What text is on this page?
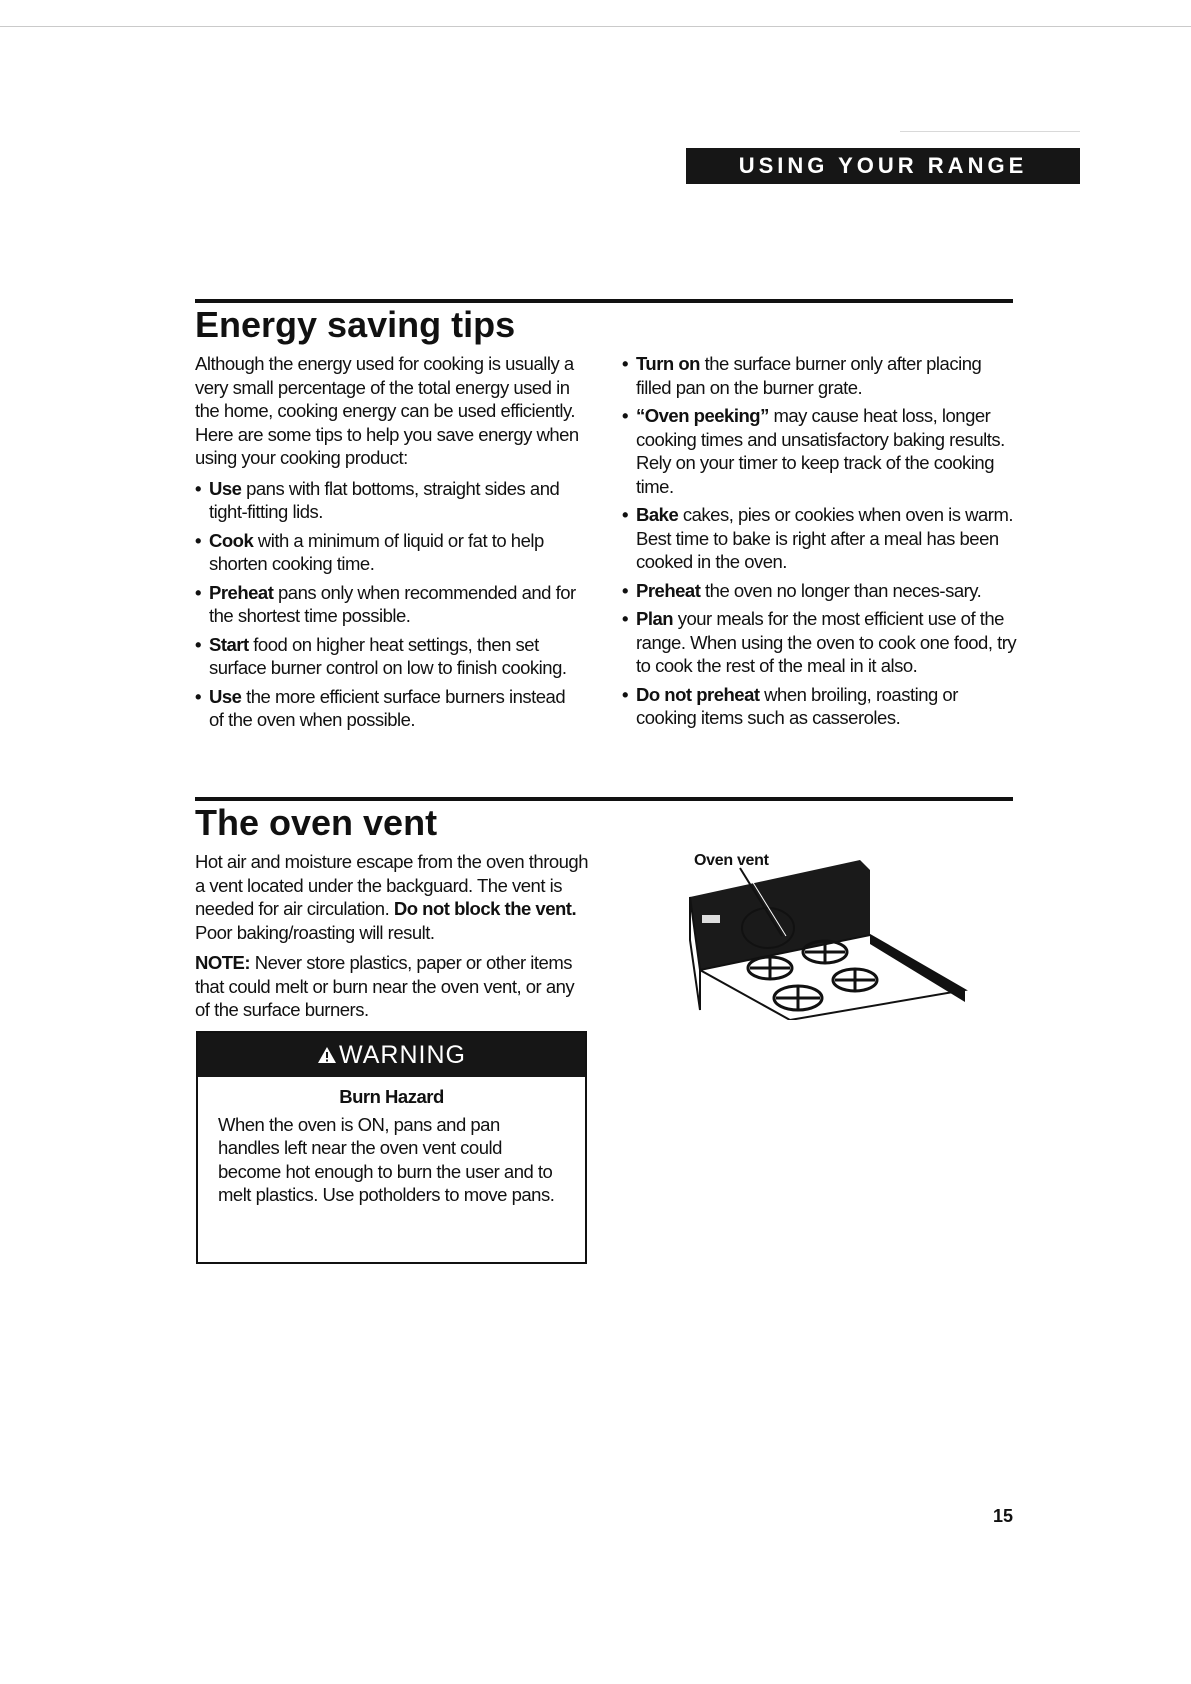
USING YOUR RANGE
Energy saving tips

Although the energy used for cooking is usually a very small percentage of the total energy used in the home, cooking energy can be used efficiently. Here are some tips to help you save energy when using your cooking product:

• Use pans with flat bottoms, straight sides and tight-fitting lids.
• Cook with a minimum of liquid or fat to help shorten cooking time.
• Preheat pans only when recommended and for the shortest time possible.
• Start food on higher heat settings, then set surface burner control on low to finish cooking.
• Use the more efficient surface burners instead of the oven when possible.
• Turn on the surface burner only after placing filled pan on the burner grate.
• “Oven peeking” may cause heat loss, longer cooking times and unsatisfactory baking results. Rely on your timer to keep track of the cooking time.
• Bake cakes, pies or cookies when oven is warm. Best time to bake is right after a meal has been cooked in the oven.
• Preheat the oven no longer than neces-sary.
• Plan your meals for the most efficient use of the range. When using the oven to cook one food, try to cook the rest of the meal in it also.
• Do not preheat when broiling, roasting or cooking items such as casseroles.
The oven vent

Hot air and moisture escape from the oven through a vent located under the backguard. The vent is needed for air circulation. Do not block the vent. Poor baking/roasting will result.

NOTE: Never store plastics, paper or other items that could melt or burn near the oven vent, or any of the surface burners.

WARNING
Burn Hazard
When the oven is ON, pans and pan handles left near the oven vent could become hot enough to burn the user and to melt plastics. Use potholders to move pans.
Oven vent
15
